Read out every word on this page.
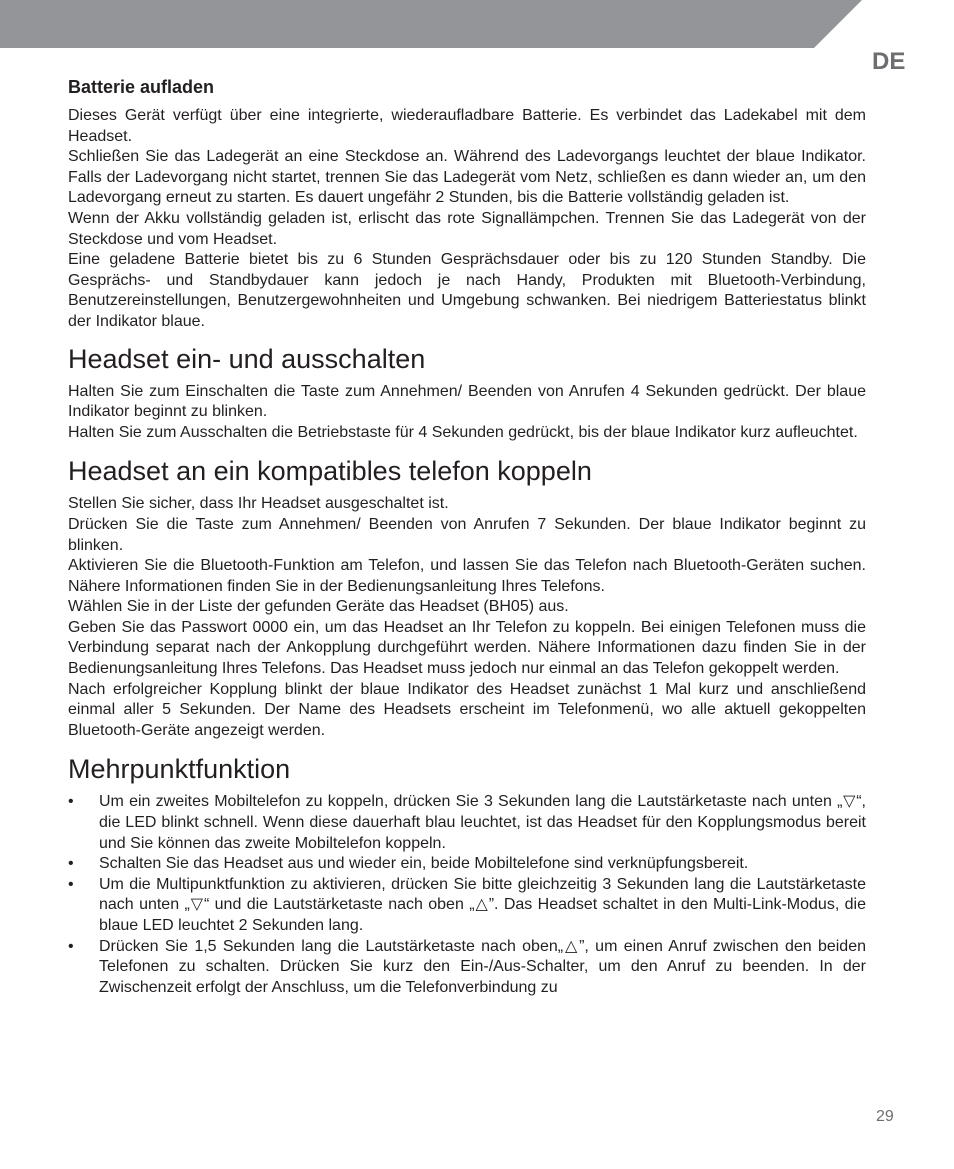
DE
Batterie aufladen

Dieses Gerät verfügt über eine integrierte, wiederaufladbare Batterie. Es verbindet das Ladekabel mit dem Headset.

Schließen Sie das Ladegerät an eine Steckdose an. Während des Ladevorgangs leuchtet der blaue Indikator. Falls der Ladevorgang nicht startet, trennen Sie das Ladegerät vom Netz, schließen es dann wieder an, um den Ladevorgang erneut zu starten. Es dauert ungefähr 2 Stunden, bis die Batterie vollständig geladen ist.

Wenn der Akku vollständig geladen ist, erlischt das rote Signallämpchen. Trennen Sie das Ladegerät von der Steckdose und vom Headset.

Eine geladene Batterie bietet bis zu 6 Stunden Gesprächsdauer oder bis zu 120 Stunden Standby. Die Gesprächs- und Standbydauer kann jedoch je nach Handy, Produkten mit Bluetooth-Verbindung, Benutzereinstellungen, Benutzergewohnheiten und Umgebung schwanken. Bei niedrigem Batteriestatus blinkt der Indikator blaue.

Headset ein- und ausschalten

Halten Sie zum Einschalten die Taste zum Annehmen/ Beenden von Anrufen 4 Sekunden gedrückt. Der blaue Indikator beginnt zu blinken.

Halten Sie zum Ausschalten die Betriebstaste für 4 Sekunden gedrückt, bis der blaue Indikator kurz aufleuchtet.

Headset an ein kompatibles telefon koppeln

Stellen Sie sicher, dass Ihr Headset ausgeschaltet ist.

Drücken Sie die Taste zum Annehmen/ Beenden von Anrufen 7 Sekunden. Der blaue Indikator beginnt zu blinken.

Aktivieren Sie die Bluetooth-Funktion am Telefon, und lassen Sie das Telefon nach Bluetooth-Geräten suchen. Nähere Informationen finden Sie in der Bedienungsanleitung Ihres Telefons.

Wählen Sie in der Liste der gefunden Geräte das Headset (BH05) aus.

Geben Sie das Passwort 0000 ein, um das Headset an Ihr Telefon zu koppeln. Bei einigen Telefonen muss die Verbindung separat nach der Ankopplung durchgeführt werden. Nähere Informationen dazu finden Sie in der Bedienungsanleitung Ihres Telefons. Das Headset muss jedoch nur einmal an das Telefon gekoppelt werden.

Nach erfolgreicher Kopplung blinkt der blaue Indikator des Headset zunächst 1 Mal kurz und anschließend einmal aller 5 Sekunden. Der Name des Headsets erscheint im Telefonmenü, wo alle aktuell gekoppelten Bluetooth-Geräte angezeigt werden.

Mehrpunktfunktion
• Um ein zweites Mobiltelefon zu koppeln, drücken Sie 3 Sekunden lang die Lautstärketaste nach unten „▽“, die LED blinkt schnell. Wenn diese dauerhaft blau leuchtet, ist das Headset für den Kopplungsmodus bereit und Sie können das zweite Mobiltelefon koppeln.
• Schalten Sie das Headset aus und wieder ein, beide Mobiltelefone sind verknüpfungsbereit.
• Um die Multipunktfunktion zu aktivieren, drücken Sie bitte gleichzeitig 3 Sekunden lang die Lautstärketaste nach unten „▽“ und die Lautstärketaste nach oben „△”. Das Headset schaltet in den Multi-Link-Modus, die blaue LED leuchtet 2 Sekunden lang.
• Drücken Sie 1,5 Sekunden lang die Lautstärketaste nach oben„△”, um einen Anruf zwischen den beiden Telefonen zu schalten. Drücken Sie kurz den Ein-/Aus-Schalter, um den Anruf zu beenden. In der Zwischenzeit erfolgt der Anschluss, um die Telefonverbindung zu
29
